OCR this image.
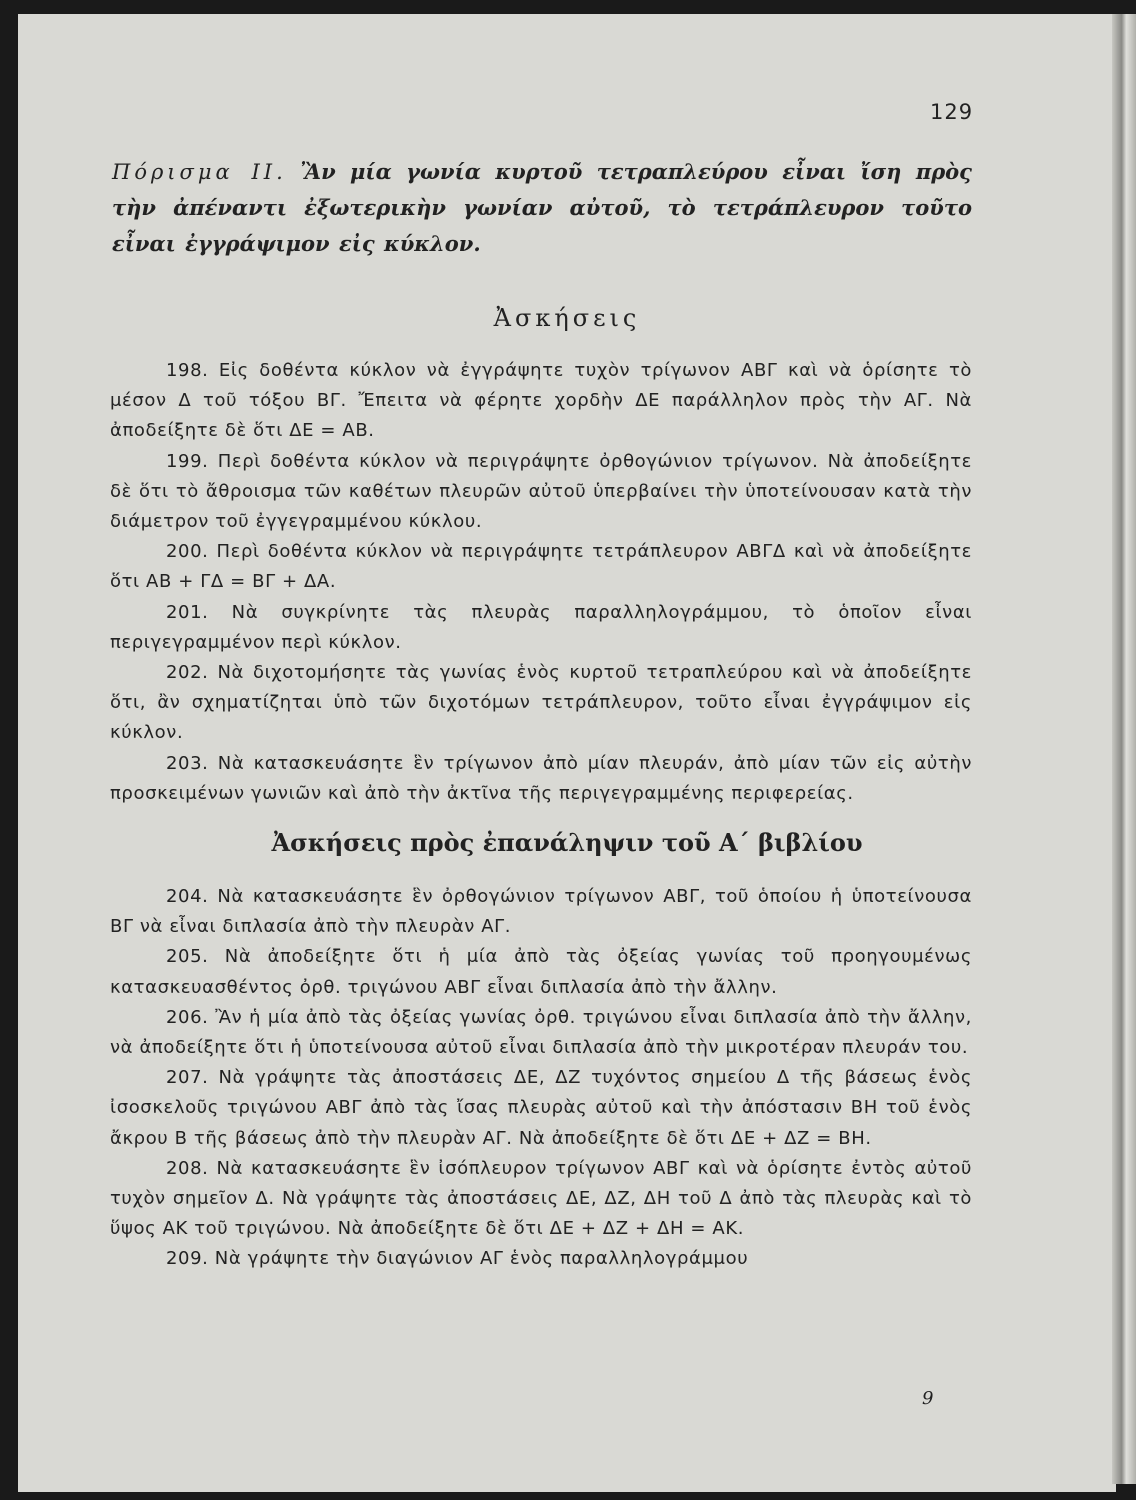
129
Πόρισμα II. Ἂν μία γωνία κυρτοῦ τετραπλεύρου εἶναι ἴση πρὸς τὴν ἀπέναντι ἐξωτερικὴν γωνίαν αὐτοῦ, τὸ τετράπλευρον τοῦτο εἶναι ἐγγράψιμον εἰς κύκλον.
Ἀσκήσεις

198. Εἰς δοθέντα κύκλον νὰ ἐγγράψητε τυχὸν τρίγωνον ΑΒΓ καὶ νὰ ὁρίσητε τὸ μέσον Δ τοῦ τόξου ΒΓ. Ἔπειτα νὰ φέρητε χορδὴν ΔΕ παράλληλον πρὸς τὴν ΑΓ. Νὰ ἀποδείξητε δὲ ὅτι ΔΕ = ΑΒ.

199. Περὶ δοθέντα κύκλον νὰ περιγράψητε ὀρθογώνιον τρίγωνον. Νὰ ἀποδείξητε δὲ ὅτι τὸ ἄθροισμα τῶν καθέτων πλευρῶν αὐτοῦ ὑπερβαίνει τὴν ὑποτείνουσαν κατὰ τὴν διάμετρον τοῦ ἐγγεγραμμένου κύκλου.

200. Περὶ δοθέντα κύκλον νὰ περιγράψητε τετράπλευρον ΑΒΓΔ καὶ νὰ ἀποδείξητε ὅτι ΑΒ + ΓΔ = ΒΓ + ΔΑ.

201. Νὰ συγκρίνητε τὰς πλευρὰς παραλληλογράμμου, τὸ ὁποῖον εἶναι περιγεγραμμένον περὶ κύκλον.

202. Νὰ διχοτομήσητε τὰς γωνίας ἑνὸς κυρτοῦ τετραπλεύρου καὶ νὰ ἀποδείξητε ὅτι, ἂν σχηματίζηται ὑπὸ τῶν διχοτόμων τετράπλευρον, τοῦτο εἶναι ἐγγράψιμον εἰς κύκλον.

203. Νὰ κατασκευάσητε ἓν τρίγωνον ἀπὸ μίαν πλευράν, ἀπὸ μίαν τῶν εἰς αὐτὴν προσκειμένων γωνιῶν καὶ ἀπὸ τὴν ἀκτῖνα τῆς περιγεγραμμένης περιφερείας.

Ἀσκήσεις πρὸς ἐπανάληψιν τοῦ Α΄ βιβλίου

204. Νὰ κατασκευάσητε ἓν ὀρθογώνιον τρίγωνον ΑΒΓ, τοῦ ὁποίου ἡ ὑποτείνουσα ΒΓ νὰ εἶναι διπλασία ἀπὸ τὴν πλευρὰν ΑΓ.

205. Νὰ ἀποδείξητε ὅτι ἡ μία ἀπὸ τὰς ὀξείας γωνίας τοῦ προηγουμένως κατασκευασθέντος ὀρθ. τριγώνου ΑΒΓ εἶναι διπλασία ἀπὸ τὴν ἄλλην.

206. Ἂν ἡ μία ἀπὸ τὰς ὀξείας γωνίας ὀρθ. τριγώνου εἶναι διπλασία ἀπὸ τὴν ἄλλην, νὰ ἀποδείξητε ὅτι ἡ ὑποτείνουσα αὐτοῦ εἶναι διπλασία ἀπὸ τὴν μικροτέραν πλευράν του.

207. Νὰ γράψητε τὰς ἀποστάσεις ΔΕ, ΔΖ τυχόντος σημείου Δ τῆς βάσεως ἑνὸς ἰσοσκελοῦς τριγώνου ΑΒΓ ἀπὸ τὰς ἴσας πλευρὰς αὐτοῦ καὶ τὴν ἀπόστασιν ΒΗ τοῦ ἑνὸς ἄκρου Β τῆς βάσεως ἀπὸ τὴν πλευρὰν ΑΓ. Νὰ ἀποδείξητε δὲ ὅτι ΔΕ + ΔΖ = ΒΗ.

208. Νὰ κατασκευάσητε ἓν ἰσόπλευρον τρίγωνον ΑΒΓ καὶ νὰ ὁρίσητε ἐντὸς αὐτοῦ τυχὸν σημεῖον Δ. Νὰ γράψητε τὰς ἀποστάσεις ΔΕ, ΔΖ, ΔΗ τοῦ Δ ἀπὸ τὰς πλευρὰς καὶ τὸ ὕψος ΑΚ τοῦ τριγώνου. Νὰ ἀποδείξητε δὲ ὅτι ΔΕ + ΔΖ + ΔΗ = ΑΚ.

209. Νὰ γράψητε τὴν διαγώνιον ΑΓ ἑνὸς παραλληλογράμμου

9
